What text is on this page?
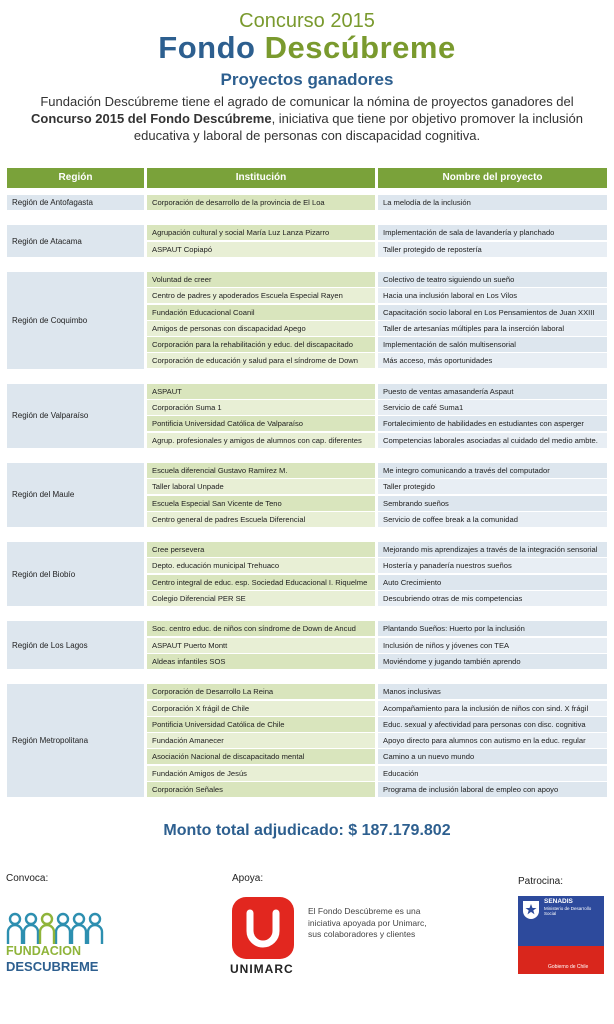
Concurso 2015
Fondo Descúbreme
Proyectos ganadores
Fundación Descúbreme tiene el agrado de comunicar la nómina de proyectos ganadores del Concurso 2015 del Fondo Descúbreme, iniciativa que tiene por objetivo promover la inclusión educativa y laboral de personas con discapacidad cognitiva.
Región	Institución	Nombre del proyecto
Región de Antofagasta	Corporación de desarrollo de la provincia de El Loa	La melodía de la inclusión
Región de Atacama
Agrupación cultural y social María Luz Lanza Pizarro	Implementación de sala de lavandería y planchado
ASPAUT Copiapó	Taller protegido de repostería
Región de Coquimbo
Voluntad de creer	Colectivo de teatro siguiendo un sueño
Centro de padres y apoderados Escuela Especial Rayen	Hacia una inclusión laboral en Los Vilos
Fundación Educacional Coanil	Capacitación socio laboral en Los Pensamientos de Juan XXIII
Amigos de personas con discapacidad Apego	Taller de artesanías múltiples para la inserción laboral
Corporación para la rehabilitación y educ. del discapacitado	Implementación de salón multisensorial
Corporación de educación y salud para el síndrome de Down	Más acceso, más oportunidades
Región de Valparaíso
ASPAUT	Puesto de ventas amasandería Aspaut
Corporación Suma 1	Servicio de café Suma1
Pontificia Universidad Católica de Valparaíso	Fortalecimiento de habilidades en estudiantes con asperger
Agrup. profesionales y amigos de alumnos con cap. diferentes	Competencias laborales asociadas al cuidado del medio ambte.
Región del Maule
Escuela diferencial Gustavo Ramírez M.	Me integro comunicando a través del computador
Taller laboral Unpade	Taller protegido
Escuela Especial San Vicente de Teno	Sembrando sueños
Centro general de padres Escuela Diferencial	Servicio de coffee break a la comunidad
Región del Biobío
Cree persevera	Mejorando mis aprendizajes a través de la integración sensorial
Depto. educación municipal Trehuaco	Hostería y panadería nuestros sueños
Centro integral de educ. esp. Sociedad Educacional I. Riquelme	Auto Crecimiento
Colegio Diferencial PER SE	Descubriendo otras de mis competencias
Región de Los Lagos
Soc. centro educ. de niños con síndrome de Down de Ancud	Plantando Sueños: Huerto por la inclusión
ASPAUT Puerto Montt	Inclusión de niños y jóvenes con TEA
Aldeas infantiles SOS	Moviéndome y jugando también aprendo
Región Metropolitana
Corporación de Desarrollo La Reina	Manos inclusivas
Corporación X frágil de Chile	Acompañamiento para la inclusión de niños con sind. X frágil
Pontificia Universidad Católica de Chile	Educ. sexual y afectividad para personas con disc. cognitiva
Fundación Amanecer	Apoyo directo para alumnos con autismo en la educ. regular
Asociación Nacional de discapacitado mental	Camino a un nuevo mundo
Fundación Amigos de Jesús	Educación
Corporación Señales	Programa de inclusión laboral de empleo con apoyo
Monto total adjudicado: $ 187.179.802
Convoca:	Apoya:	Patrocina:
FUNDACION
DESCUBREME	UNIMARC
El Fondo Descúbreme es una iniciativa apoyada por Unimarc, sus colaboradores y clientes
SENADIS
Ministerio de Desarrollo Social
Gobierno de Chile
